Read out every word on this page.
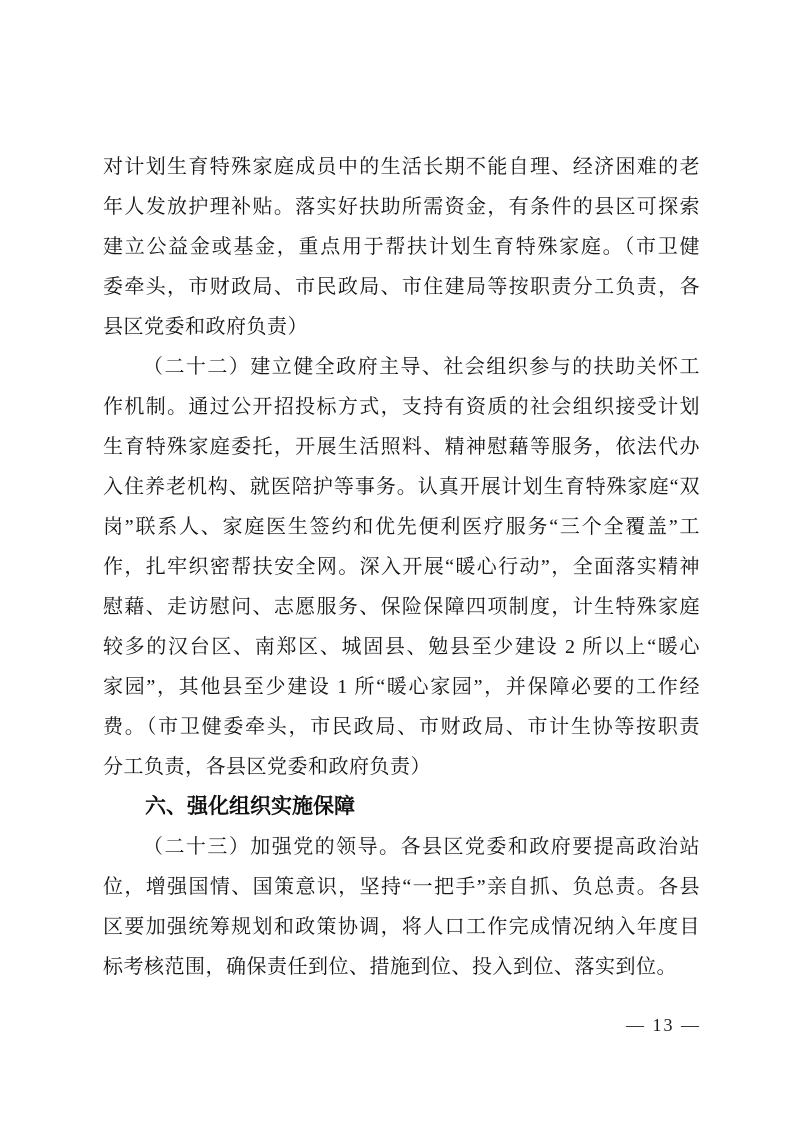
对计划生育特殊家庭成员中的生活长期不能自理、经济困难的老
年人发放护理补贴。落实好扶助所需资金，有条件的县区可探索
建立公益金或基金，重点用于帮扶计划生育特殊家庭。（市卫健
委牵头，市财政局、市民政局、市住建局等按职责分工负责，各
县区党委和政府负责）
（二十二）建立健全政府主导、社会组织参与的扶助关怀工
作机制。通过公开招投标方式，支持有资质的社会组织接受计划
生育特殊家庭委托，开展生活照料、精神慰藉等服务，依法代办
入住养老机构、就医陪护等事务。认真开展计划生育特殊家庭“双
岗”联系人、家庭医生签约和优先便利医疗服务“三个全覆盖”工
作，扎牢织密帮扶安全网。深入开展“暖心行动”，全面落实精神
慰藉、走访慰问、志愿服务、保险保障四项制度，计生特殊家庭
较多的汉台区、南郑区、城固县、勉县至少建设 2 所以上“暖心
家园”，其他县至少建设 1 所“暖心家园”，并保障必要的工作经
费。（市卫健委牵头，市民政局、市财政局、市计生协等按职责
分工负责，各县区党委和政府负责）
六、强化组织实施保障
（二十三）加强党的领导。各县区党委和政府要提高政治站
位，增强国情、国策意识，坚持“一把手”亲自抓、负总责。各县
区要加强统筹规划和政策协调，将人口工作完成情况纳入年度目
标考核范围，确保责任到位、措施到位、投入到位、落实到位。
— 13 —
